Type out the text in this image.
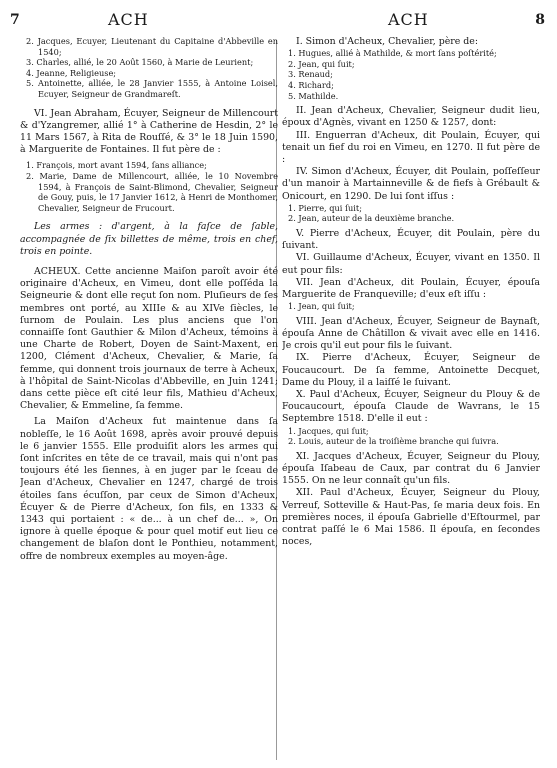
7	ACH	ACH	8

2. Jacques, Ecuyer, Lieutenant du Capitaine d'Abbeville en 1540;

3. Charles, allié, le 20 Août 1560, à Marie de Leurient;

4. Jeanne, Religieuse;

5. Antoinette, alliée, le 28 Janvier 1555, à Antoine Loisel, Ecuyer, Seigneur de Grandmareſt.

VI. Jean Abraham, Écuyer, Seigneur de Millencourt & d'Yzangremer, allié 1° à Catherine de Hesdin, 2° le 11 Mars 1567, à Rita de Rouſſé, & 3° le 18 Juin 1590, à Marguerite de Fontaines. Il fut père de :

1. François, mort avant 1594, ſans alliance;

2. Marie, Dame de Millencourt, alliée, le 10 Novembre 1594, à François de Saint-Blimond, Chevalier, Seigneur de Gouy, puis, le 17 Janvier 1612, à Henri de Monthomer, Chevalier, Seigneur de Frucourt.

Les armes : d'argent, à la faſce de ſable, accompagnée de ſix billettes de même, trois en chef, trois en pointe.

ACHEUX. Cette ancienne Maiſon paroît avoir été originaire d'Acheux, en Vimeu, dont elle poſſéda la Seigneurie & dont elle reçut ſon nom. Pluſieurs de ſes membres ont porté, au XIIIe & au XIVe ſiècles, le ſurnom de Poulain. Les plus anciens que l'on connaiſſe ſont Gauthier & Milon d'Acheux, témoins à une Charte de Robert, Doyen de Saint-Maxent, en 1200, Clément d'Acheux, Chevalier, & Marie, ſa femme, qui donnent trois journaux de terre à Acheux, à l'hôpital de Saint-Nicolas d'Abbeville, en Juin 1241; dans cette pièce eſt cité leur fils, Mathieu d'Acheux, Chevalier, & Emmeline, ſa femme.

La Maiſon d'Acheux fut maintenue dans ſa nobleſſe, le 16 Août 1698, après avoir prouvé depuis le 6 janvier 1555. Elle produiſit alors les armes qui ſont inſcrites en tête de ce travail, mais qui n'ont pas toujours été les ſiennes, à en juger par le ſceau de Jean d'Acheux, Chevalier en 1247, chargé de trois étoiles ſans écuſſon, par ceux de Simon d'Acheux, Écuyer & de Pierre d'Acheux, ſon fils, en 1333 & 1343 qui portaient : « de... à un chef de... », On ignore à quelle époque & pour quel motif eut lieu ce changement de blaſon dont le Ponthieu, notamment, offre de nombreux exemples au moyen-âge.

I. Simon d'Acheux, Chevalier, père de:

1. Hugues, allié à Mathilde, & mort ſans poſtérité;

2. Jean, qui ſuit;

3. Renaud;

4. Richard;

5. Mathilde.

II. Jean d'Acheux, Chevalier, Seigneur dudit lieu, époux d'Agnès, vivant en 1250 & 1257, dont:

III. Enguerran d'Acheux, dit Poulain, Écuyer, qui tenait un fief du roi en Vimeu, en 1270. Il fut père de :

IV. Simon d'Acheux, Écuyer, dit Poulain, poſſeſſeur d'un manoir à Martainneville & de fiefs à Grébault & Onicourt, en 1290. De lui ſont iſſus :

1. Pierre, qui ſuit;

2. Jean, auteur de la deuxième branche.

V. Pierre d'Acheux, Écuyer, dit Poulain, père du ſuivant.

VI. Guillaume d'Acheux, Écuyer, vivant en 1350. Il eut pour fils:

VII. Jean d'Acheux, dit Poulain, Écuyer, épouſa Marguerite de Franqueville; d'eux eſt iſſu :

1. Jean, qui ſuit;

VIII. Jean d'Acheux, Écuyer, Seigneur de Baynaſt, épouſa Anne de Châtillon & vivait avec elle en 1416. Je crois qu'il eut pour fils le ſuivant.

IX. Pierre d'Acheux, Écuyer, Seigneur de Foucaucourt. De ſa femme, Antoinette Decquet, Dame du Plouy, il a laiſſé le ſuivant.

X. Paul d'Acheux, Écuyer, Seigneur du Plouy & de Foucaucourt, épouſa Claude de Wavrans, le 15 Septembre 1518. D'elle il eut :

1. Jacques, qui ſuit;

2. Louis, auteur de la troiſième branche qui ſuivra.

XI. Jacques d'Acheux, Écuyer, Seigneur du Plouy, épouſa Iſabeau de Caux, par contrat du 6 Janvier 1555. On ne leur connaît qu'un fils.

XII. Paul d'Acheux, Écuyer, Seigneur du Plouy, Verreuf, Sotteville & Haut-Pas, ſe maria deux fois. En premières noces, il épouſa Gabrielle d'Eſtourmel, par contrat paſſé le 6 Mai 1586. Il épouſa, en ſecondes noces,
